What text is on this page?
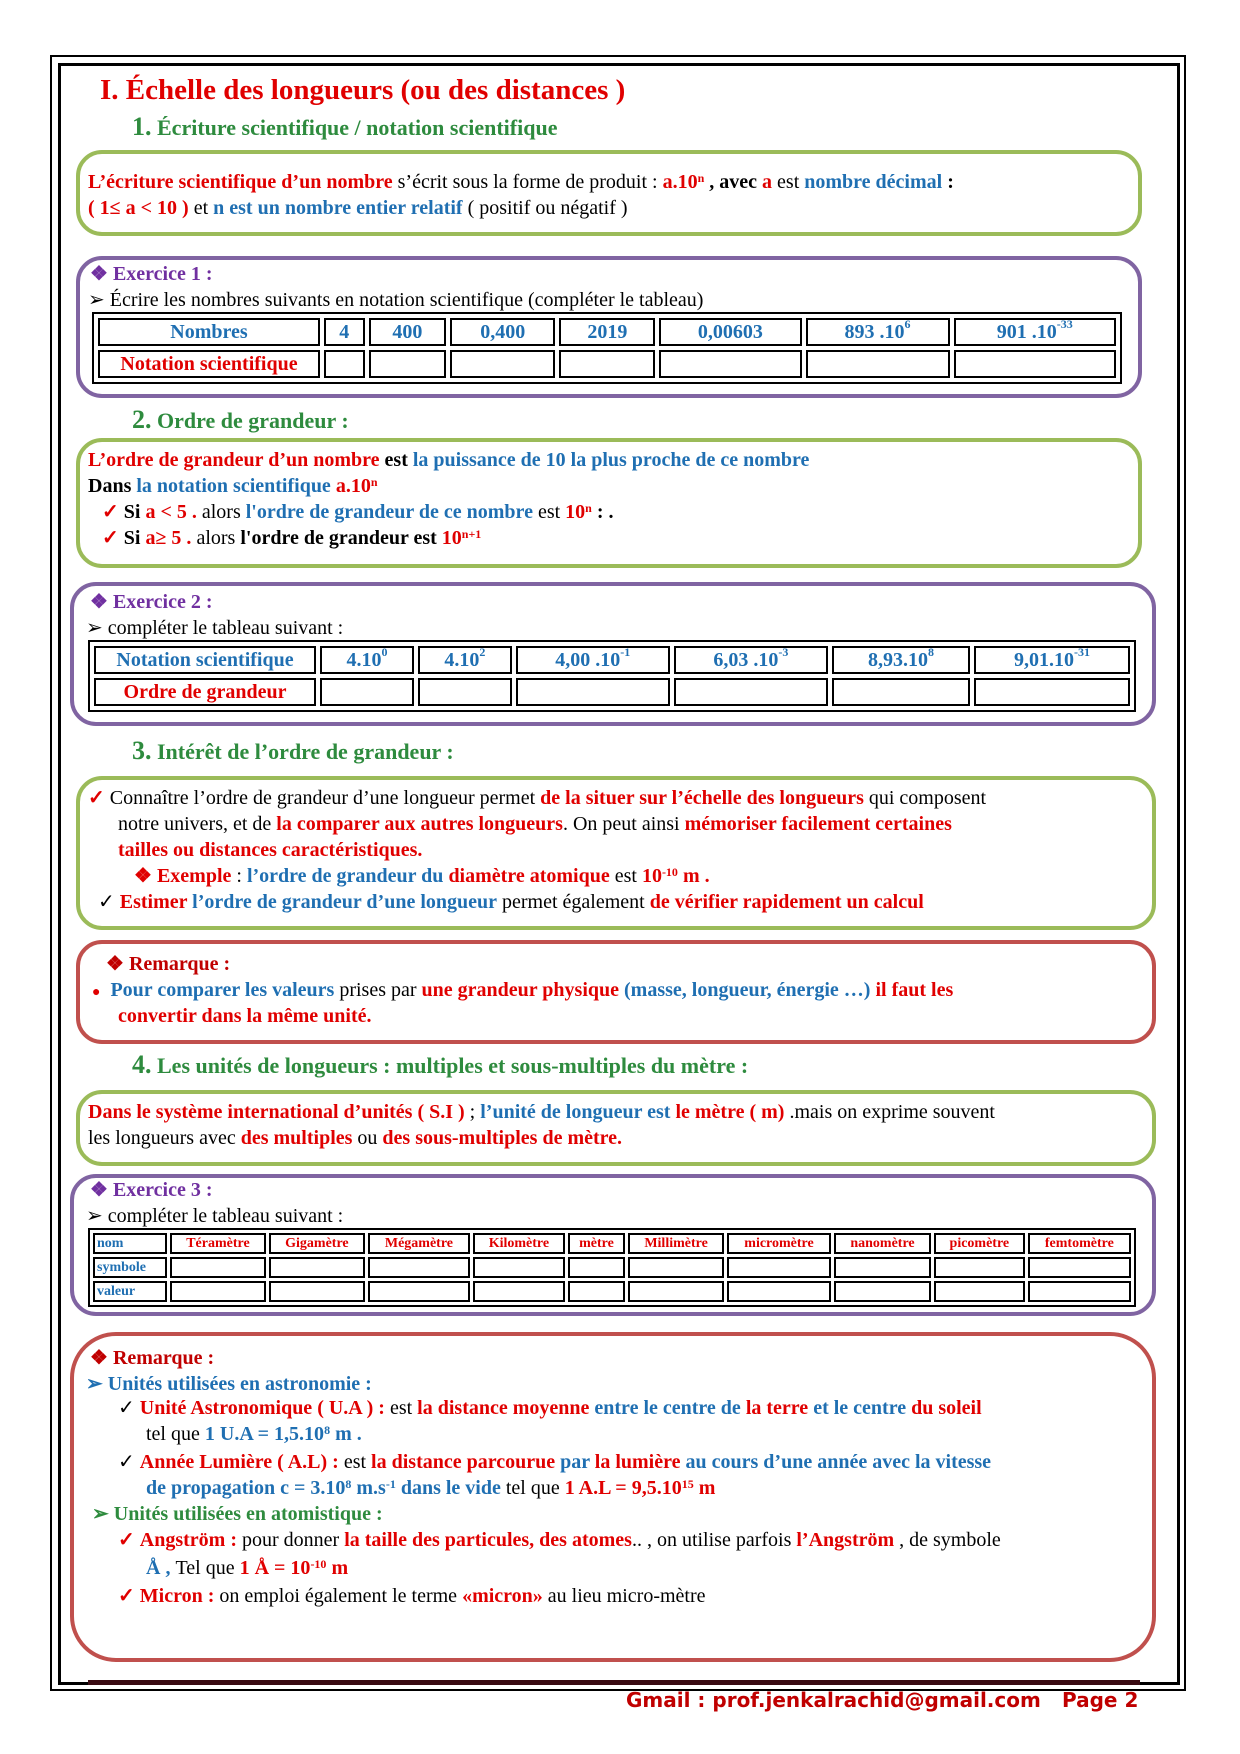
I. Échelle des longueurs (ou des distances )
1. Écriture scientifique / notation scientifique
L’écriture scientifique d’un nombre s’écrit sous la forme de produit : a.10$^n$ , avec a est nombre décimal :
( 1≤ a < 10 ) et n est un nombre entier relatif ( positif ou négatif )
❖ Exercice 1 :
➢ Écrire les nombres suivants en notation scientifique (compléter le tableau)
Nombres	4	400	0,400	2019	0,00603	893 $.10^6$	901 $.10^{-33}$
Notation scientifique							
2. Ordre de grandeur :
L’ordre de grandeur d’un nombre est la puissance de 10 la plus proche de ce nombre
Dans la notation scientifique a.10$^n$
✓ Si a < 5 . alors l'ordre de grandeur de ce nombre est 10$^n$ : .
✓ Si a≥ 5 . alors l'ordre de grandeur est $10^{n+1}$
❖ Exercice 2 :
➢ compléter le tableau suivant :
Notation scientifique	4.10$^0$	4.10$^2$	4,00 $.10^{-1}$	6,03 $.10^{-3}$	8,93.10$^8$	$9,01.10^{-31}$
Ordre de grandeur						
3. Intérêt de l’ordre de grandeur :
✓ Connaître l’ordre de grandeur d’une longueur permet de la situer sur l’échelle des longueurs qui composent
notre univers, et de la comparer aux autres longueurs. On peut ainsi mémoriser facilement certaines
tailles ou distances caractéristiques.
❖ Exemple : l’ordre de grandeur du diamètre atomique est $10^{-10}$ m .
✓ Estimer l’ordre de grandeur d’une longueur permet également de vérifier rapidement un calcul
❖ Remarque :
● Pour comparer les valeurs prises par une grandeur physique (masse, longueur, énergie …) il faut les
convertir dans la même unité.
4. Les unités de longueurs : multiples et sous-multiples du mètre :
Dans le système international d’unités ( S.I ) ; l’unité de longueur est le mètre ( m) .mais on exprime souvent
les longueurs avec des multiples ou des sous-multiples de mètre.
❖ Exercice 3 :
➢ compléter le tableau suivant :
nom	Téramètre	Gigamètre	Mégamètre	Kilomètre	mètre	Millimètre	micromètre	nanomètre	picomètre	femtomètre
symbole										
valeur										
❖ Remarque :
➢ Unités utilisées en astronomie :
✓ Unité Astronomique ( U.A ) : est la distance moyenne entre le centre de la terre et le centre du soleil
tel que 1 $U.A = 1,5.10^8$ m .
✓ Année Lumière ( A.L) : est la distance parcourue par la lumière au cours d’une année avec la vitesse
de propagation $c = 3.10^8$ $m.s^{-1}$ dans le vide tel que 1 $A.L = 9,5.10^{15}$ m
➢ Unités utilisées en atomistique :
✓ Angström : pour donner la taille des particules, des atomes.. , on utilise parfois l’Angström , de symbole
Å , Tel que 1 Å = $10^{-10}$ m
✓ Micron : on emploi également le terme «micron» au lieu micro-mètre
Gmail : prof.jenkalrachid@gmail.com Page 2
